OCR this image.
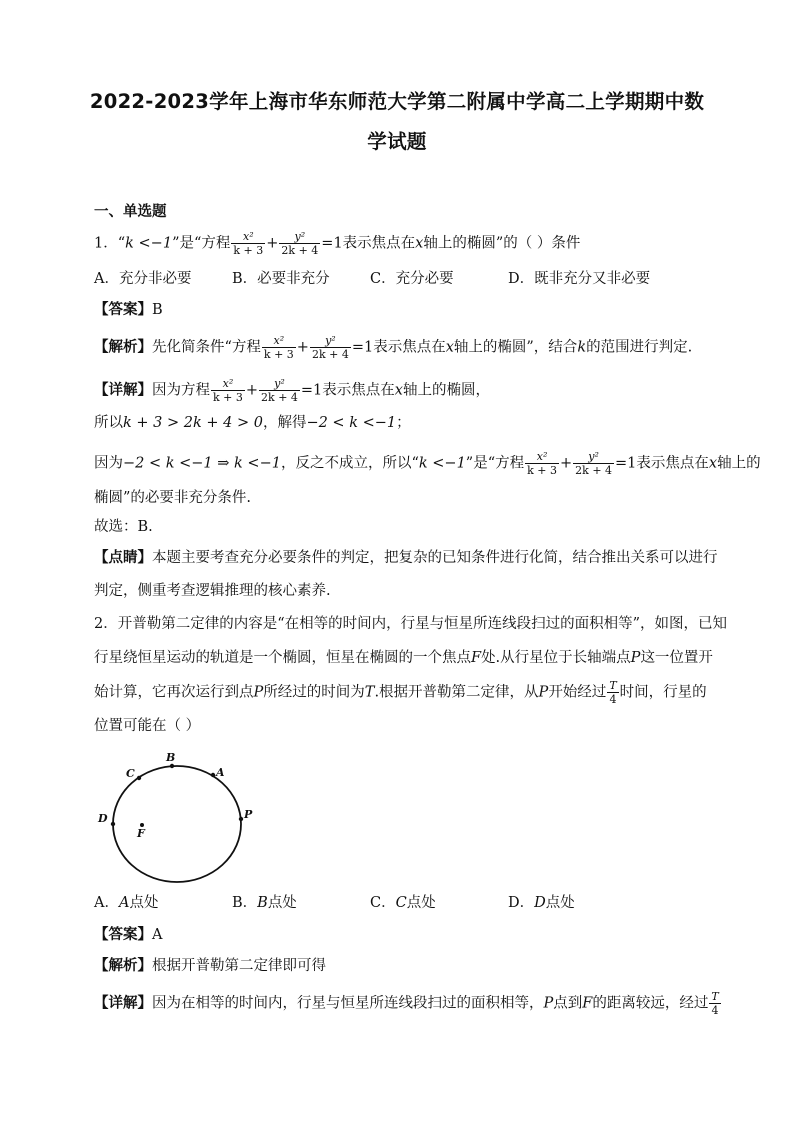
2022-2023学年上海市华东师范大学第二附属中学高二上学期期中数
学试题
一、单选题
1．“k <−1”是“方程 $\frac{\text{x²}}{k + 3} + \frac{\text{y²}}{2k + 4} =1$表示焦点在x轴上的椭圆”的（ ）条件
A．充分非必要	B．必要非充分	C．充分必要	D．既非充分又非必要
【答案】B
【解析】先化简条件“方程 $\frac{\text{x²}}{k + 3} + \frac{\text{y²}}{2k + 4} =1$表示焦点在x轴上的椭圆”，结合k的范围进行判定.
【详解】因为方程 $\frac{\text{x²}}{k + 3} + \frac{\text{y²}}{2k + 4} =1$表示焦点在x轴上的椭圆，
所以k + 3 > 2k + 4 > 0，解得−2 < k <−1；
因为−2 < k <−1 ⇒ k <−1，反之不成立，所以“k <−1”是“方程 $\frac{\text{x²}}{k + 3} + \frac{\text{y²}}{2k + 4} =1$表示焦点在x轴上的
椭圆”的必要非充分条件.
故选：B.
【点睛】本题主要考查充分必要条件的判定，把复杂的已知条件进行化简，结合推出关系可以进行
判定，侧重考查逻辑推理的核心素养.
2．开普勒第二定律的内容是“在相等的时间内，行星与恒星所连线段扫过的面积相等”，如图，已知
行星绕恒星运动的轨道是一个椭圆，恒星在椭圆的一个焦点F处.从行星位于长轴端点P这一位置开
始计算，它再次运行到点P所经过的时间为T.根据开普勒第二定律，从P开始经过 $\frac{T}{4}$ 时间，行星的
位置可能在（ ）
B
C	A
D	P
F
A．A点处	B．B点处	C．C点处	D．D点处
【答案】A
【解析】根据开普勒第二定律即可得
【详解】因为在相等的时间内，行星与恒星所连线段扫过的面积相等，P点到F的距离较远，经过 $\frac{T}{4}$
